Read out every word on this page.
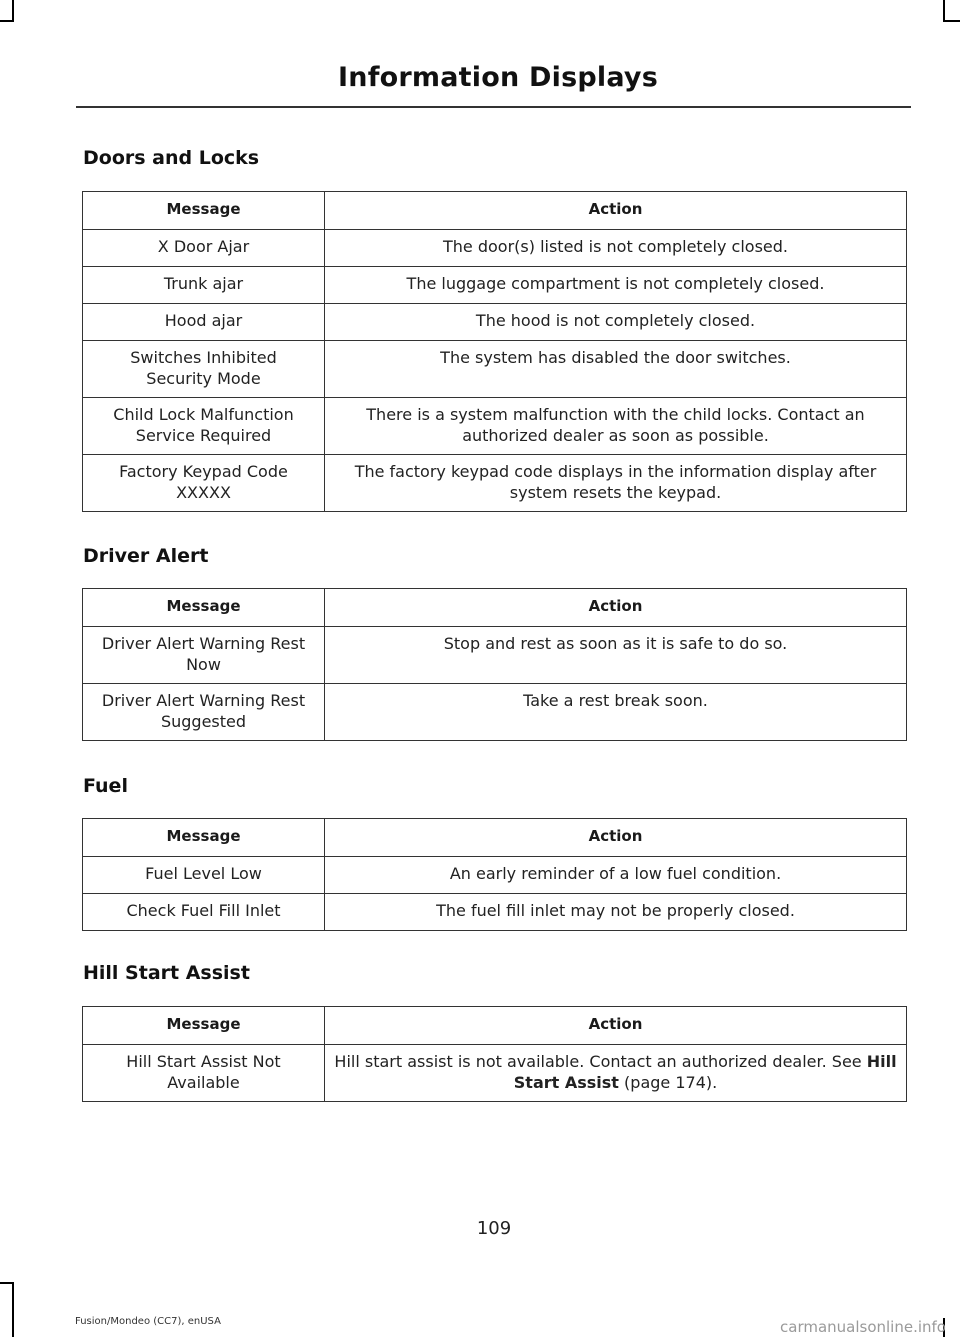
Information Displays
Doors and Locks
Message	Action
X Door Ajar	The door(s) listed is not completely closed.
Trunk ajar	The luggage compartment is not completely closed.
Hood ajar	The hood is not completely closed.
Switches Inhibited Security Mode	The system has disabled the door switches.
Child Lock Malfunction Service Required	There is a system malfunction with the child locks. Contact an authorized dealer as soon as possible.
Factory Keypad Code XXXXX	The factory keypad code displays in the information display after system resets the keypad.
Driver Alert
Message	Action
Driver Alert Warning Rest Now	Stop and rest as soon as it is safe to do so.
Driver Alert Warning Rest Suggested	Take a rest break soon.
Fuel
Message	Action
Fuel Level Low	An early reminder of a low fuel condition.
Check Fuel Fill Inlet	The fuel fill inlet may not be properly closed.
Hill Start Assist
Message	Action
Hill Start Assist Not Available	Hill start assist is not available. Contact an authorized dealer. See Hill Start Assist (page 174).
109
Fusion/Mondeo (CC7), enUSA	carmanualsonline.info
